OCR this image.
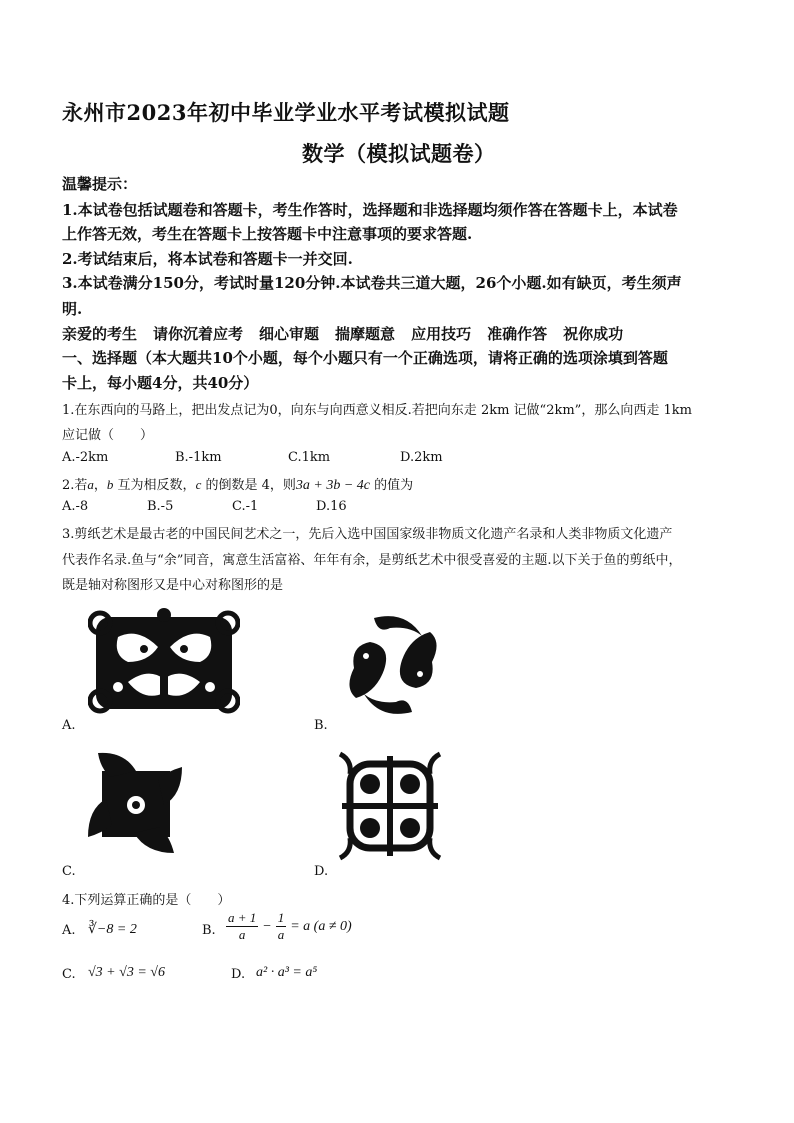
永州市2023年初中毕业学业水平考试模拟试题
数学（模拟试题卷）
温馨提示：
1.本试卷包括试题卷和答题卡，考生作答时，选择题和非选择题均须作答在答题卡上，本试卷
上作答无效，考生在答题卡上按答题卡中注意事项的要求答题.
2.考试结束后，将本试卷和答题卡一并交回.
3.本试卷满分150分，考试时量120分钟.本试卷共三道大题，26个小题.如有缺页，考生须声
明.
亲爱的考生 请你沉着应考 细心审题 揣摩题意 应用技巧 准确作答 祝你成功
一、选择题（本大题共10个小题，每个小题只有一个正确选项，请将正确的选项涂填到答题
卡上，每小题4分，共40分）
1.在东西向的马路上，把出发点记为0，向东与向西意义相反.若把向东走 2km 记做“2km”，那么向西走 1km
应记做（　　）
A.-2km	B.-1km	C.1km	D.2km
2.若a，b 互为相反数，c 的倒数是 4，则3a + 3b − 4c 的值为
A.-8	B.-5	C.-1	D.16
3.剪纸艺术是最古老的中国民间艺术之一，先后入选中国国家级非物质文化遗产名录和人类非物质文化遗产
代表作名录.鱼与“余”同音，寓意生活富裕、年年有余，是剪纸艺术中很受喜爱的主题.以下关于鱼的剪纸中，
既是轴对称图形又是中心对称图形的是
A.	B.
C.	D.
4.下列运算正确的是（　　）
A. ∛−8 = 2	B. $\frac{a + 1}{a} - \frac{1}{a} = a$ (a ≠ 0)
C. √3 + √3 = √6	D. a² · a³ = a⁵
